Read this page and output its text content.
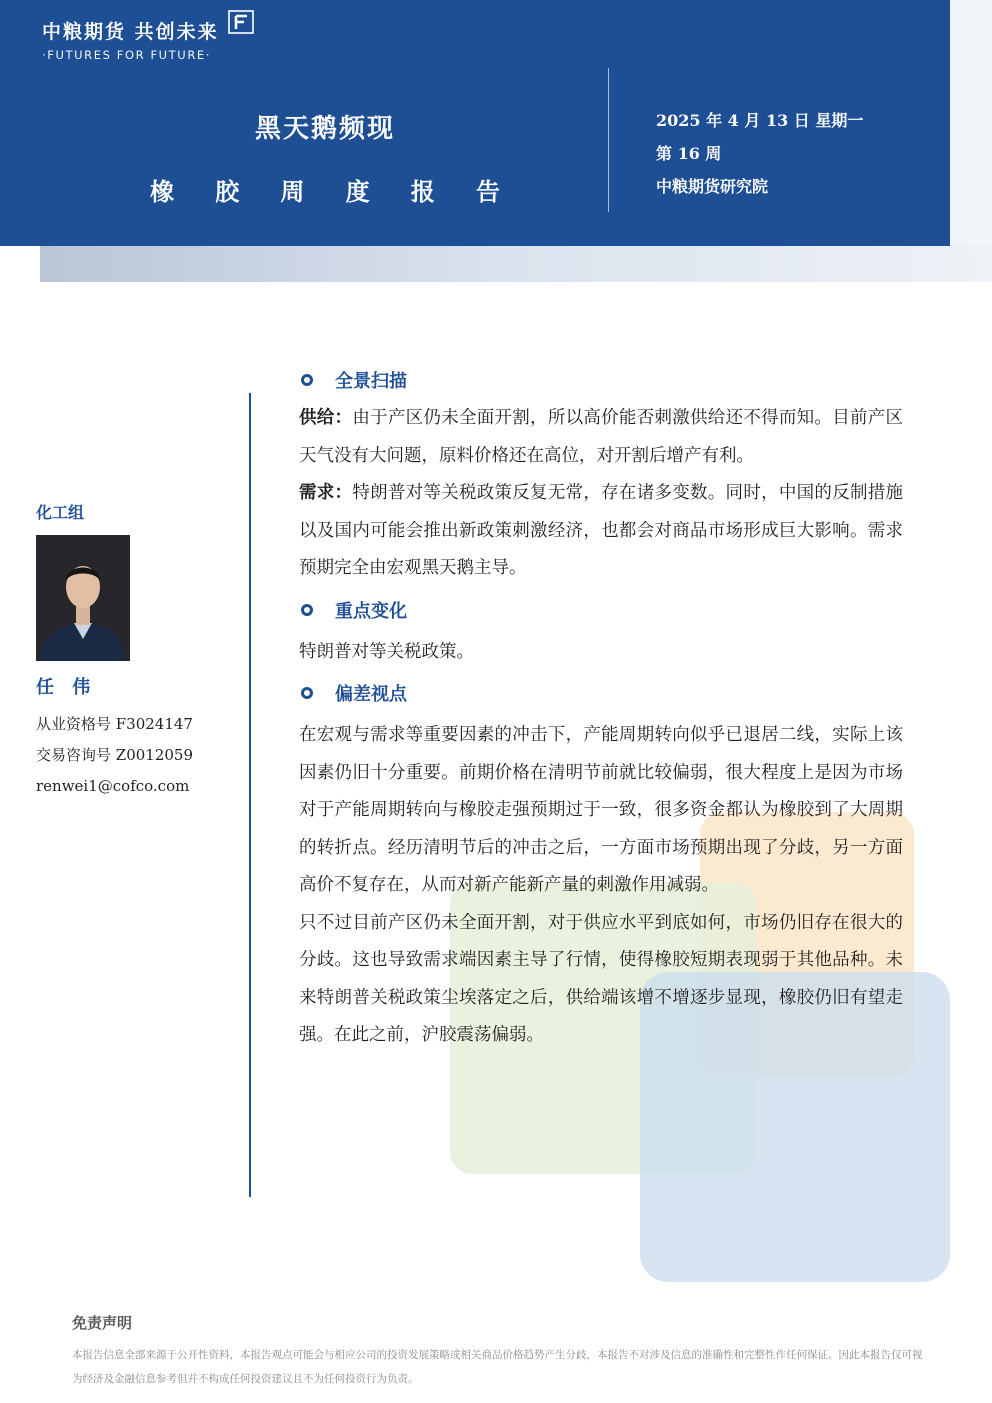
中粮期货 共创未来
·FUTURES FOR FUTURE·
黑天鹅频现
橡 胶 周 度 报 告
2025 年 4 月 13 日 星期一
第 16 周
中粮期货研究院
化工组
任 伟
从业资格号 F3024147
交易咨询号 Z0012059
renwei1@cofco.com
全景扫描
供给：由于产区仍未全面开割，所以高价能否刺激供给还不得而知。目前产区天气没有大问题，原料价格还在高位，对开割后增产有利。
需求：特朗普对等关税政策反复无常，存在诸多变数。同时，中国的反制措施以及国内可能会推出新政策刺激经济，也都会对商品市场形成巨大影响。需求预期完全由宏观黑天鹅主导。
重点变化
特朗普对等关税政策。
偏差视点
在宏观与需求等重要因素的冲击下，产能周期转向似乎已退居二线，实际上该因素仍旧十分重要。前期价格在清明节前就比较偏弱，很大程度上是因为市场对于产能周期转向与橡胶走强预期过于一致，很多资金都认为橡胶到了大周期的转折点。经历清明节后的冲击之后，一方面市场预期出现了分歧，另一方面高价不复存在，从而对新产能新产量的刺激作用减弱。
只不过目前产区仍未全面开割，对于供应水平到底如何，市场仍旧存在很大的分歧。这也导致需求端因素主导了行情，使得橡胶短期表现弱于其他品种。未来特朗普关税政策尘埃落定之后，供给端该增不增逐步显现，橡胶仍旧有望走强。在此之前，沪胶震荡偏弱。
免责声明
本报告信息全部来源于公开性资料，本报告观点可能会与相应公司的投资发展策略或相关商品价格趋势产生分歧，本报告不对涉及信息的准确性和完整性作任何保证。因此本报告仅可视为经济及金融信息参考但并不构成任何投资建议且不为任何投资行为负责。
